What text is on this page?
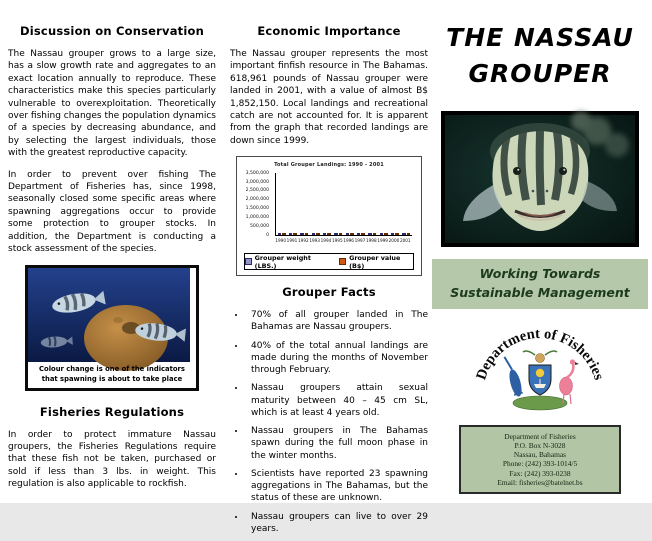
Discussion on Conservation

The Nassau grouper grows to a large size, has a slow growth rate and aggregates to an exact location annually to reproduce. These characteristics make this species particularly vulnerable to overexploitation. Theoretically over fishing changes the population dynamics of a species by decreasing abundance, and by selecting the largest individuals, those with the greatest reproductive capacity.

In order to prevent over fishing The Department of Fisheries has, since 1998, seasonally closed some specific areas where spawning aggregations occur to provide some protection to grouper stocks. In addition, the Department is conducting a stock assessment of the species.

Colour change is one of the indicators that spawning is about to take place
Fisheries Regulations

In order to protect immature Nassau groupers, the Fisheries Regulations require that these fish not be taken, purchased or sold if less than 3 lbs. in weight. This regulation is also applicable to rockfish.

Economic Importance

The Nassau grouper represents the most important finfish resource in The Bahamas. 618,961 pounds of Nassau grouper were landed in 2001, with a value of almost B$ 1,852,150. Local landings and recreational catch are not accounted for. It is apparent from the graph that recorded landings are down since 1999.

Total Grouper Landings: 1990 - 2001
0
500,000
1,000,000
1,500,000
2,000,000
2,500,000
3,000,000
3,500,000
1990 1991 1992 1993 1994 1995 1996 1997 1998 1999 2000 2001
Grouper weight (LBS.)
Grouper value (B$)
Grouper Facts
• 70% of all grouper landed in The Bahamas are Nassau groupers.
• 40% of the total annual landings are made during the months of November through February.
• Nassau groupers attain sexual maturity between 40 – 45 cm SL, which is at least 4 years old.
• Nassau groupers in The Bahamas spawn during the full moon phase in the winter months.
• Scientists have reported 23 spawning aggregations in The Bahamas, but the status of these are unknown.
• Nassau groupers can live to over 29 years.
THE NASSAU
GROUPER
Working Towards Sustainable Management
Department of Fisheries
Department of Fisheries
P.O. Box N-3028
Nassau, Bahamas
Phone: (242) 393-1014/5
Fax: (242) 393-0238
Email: fisheries@batelnet.bs
